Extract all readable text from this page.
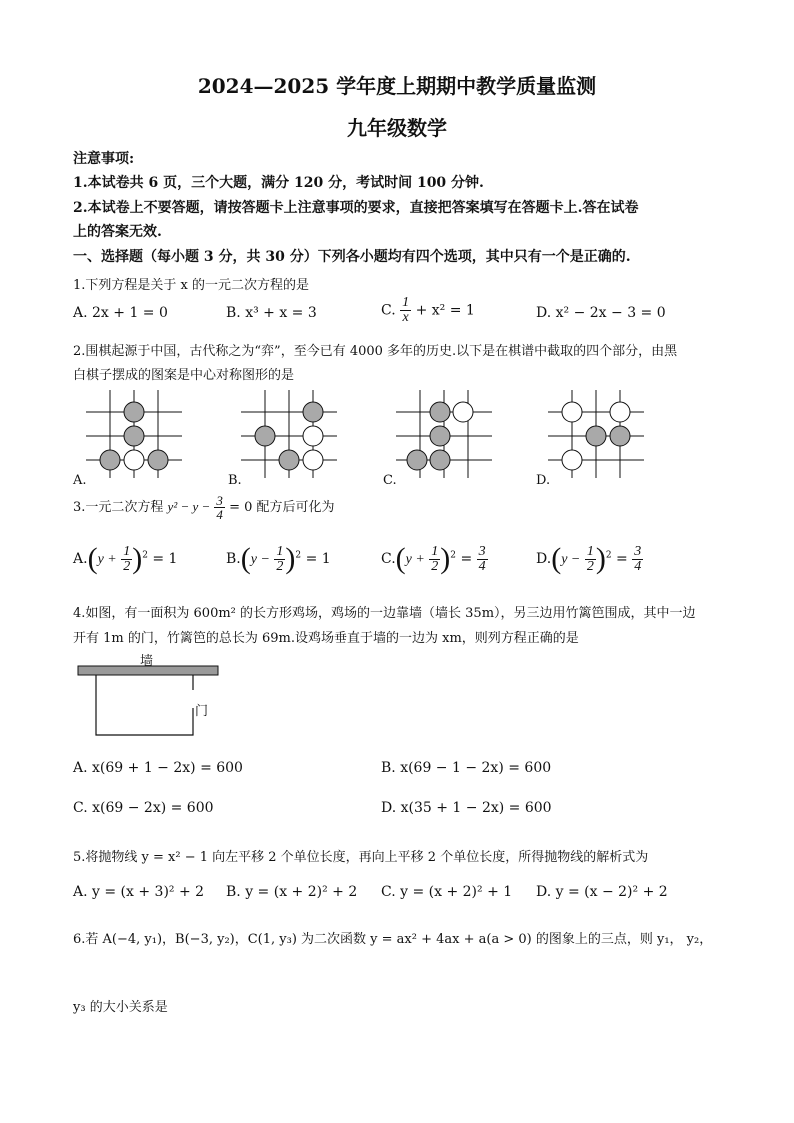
2024—2025 学年度上期期中教学质量监测
九年级数学
注意事项:
1.本试卷共 6 页，三个大题，满分 120 分，考试时间 100 分钟.
2.本试卷上不要答题，请按答题卡上注意事项的要求，直接把答案填写在答题卡上.答在试卷
上的答案无效.
一、选择题（每小题 3 分，共 30 分）下列各小题均有四个选项，其中只有一个是正确的.
1.下列方程是关于 x 的一元二次方程的是
A. 2x + 1 = 0	B. x³ + x = 3	C. $\frac{1}{x} + x^2 = 1$	D. x² − 2x − 3 = 0
2.围棋起源于中国，古代称之为“弈”，至今已有 4000 多年的历史.以下是在棋谱中截取的四个部分，由黑
白棋子摆成的图案是中心对称图形的是
A.	B.	C.	D.
3.一元二次方程 $y^2 - y - \frac{3}{4} = 0$ 配方后可化为
$A.(y + \frac{1}{2} )^2 = 1$	$B.(y - \frac{1}{2} )^2 = 1$	$C.(y + \frac{1}{2} )^2 = \frac{3}{4}$	$D.(y - \frac{1}{2} )^2 = \frac{3}{4}$
4.如图，有一面积为 600m² 的长方形鸡场，鸡场的一边靠墙（墙长 35m），另三边用竹篱笆围成，其中一边
开有 1m 的门，竹篱笆的总长为 69m.设鸡场垂直于墙的一边为 xm，则列方程正确的是
墙
门
A. x(69 + 1 − 2x) = 600	B. x(69 − 1 − 2x) = 600
C. x(69 − 2x) = 600	D. x(35 + 1 − 2x) = 600
5.将抛物线 y = x² − 1 向左平移 2 个单位长度，再向上平移 2 个单位长度，所得抛物线的解析式为
A. y = (x + 3)² + 2 B. y = (x + 2)² + 2 C. y = (x + 2)² + 1 D. y = (x − 2)² + 2
6.若 A(−4, y₁)，B(−3, y₂)，C(1, y₃) 为二次函数 y = ax² + 4ax + a(a > 0) 的图象上的三点，则 y₁， y₂，
y₃ 的大小关系是
